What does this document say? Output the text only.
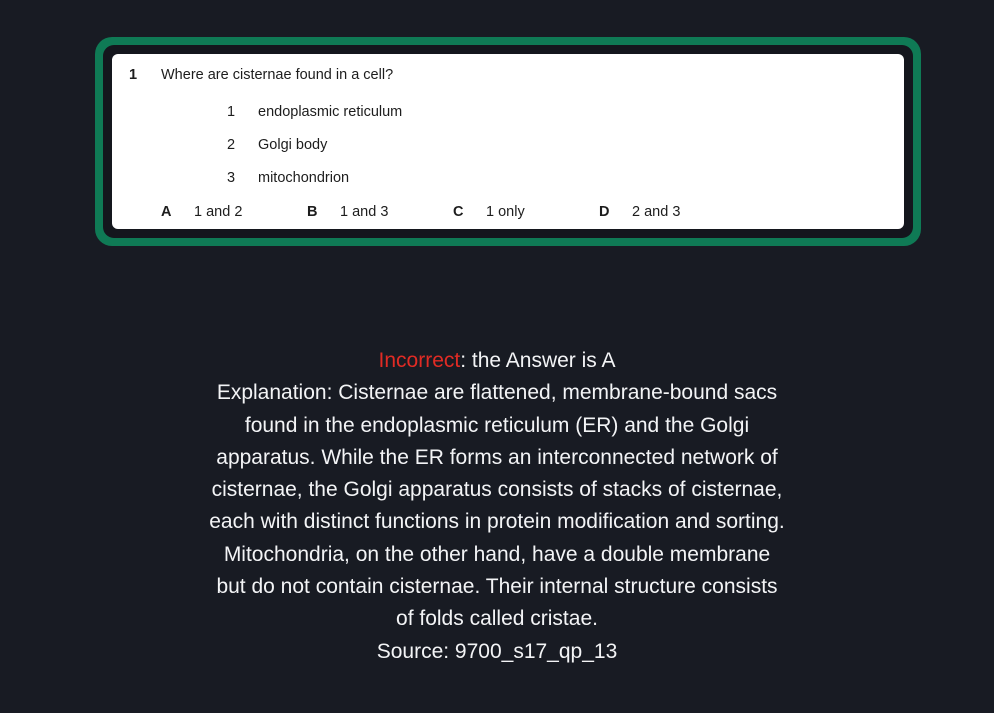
1	Where are cisternae found in a cell?
1	endoplasmic reticulum
2	Golgi body
3	mitochondrion
A	1 and 2	B	1 and 3	C	1 only	D	2 and 3
Incorrect: the Answer is A
Explanation: Cisternae are flattened, membrane-bound sacs found in the endoplasmic reticulum (ER) and the Golgi apparatus. While the ER forms an interconnected network of cisternae, the Golgi apparatus consists of stacks of cisternae, each with distinct functions in protein modification and sorting. Mitochondria, on the other hand, have a double membrane but do not contain cisternae. Their internal structure consists of folds called cristae.
Source: 9700_s17_qp_13
